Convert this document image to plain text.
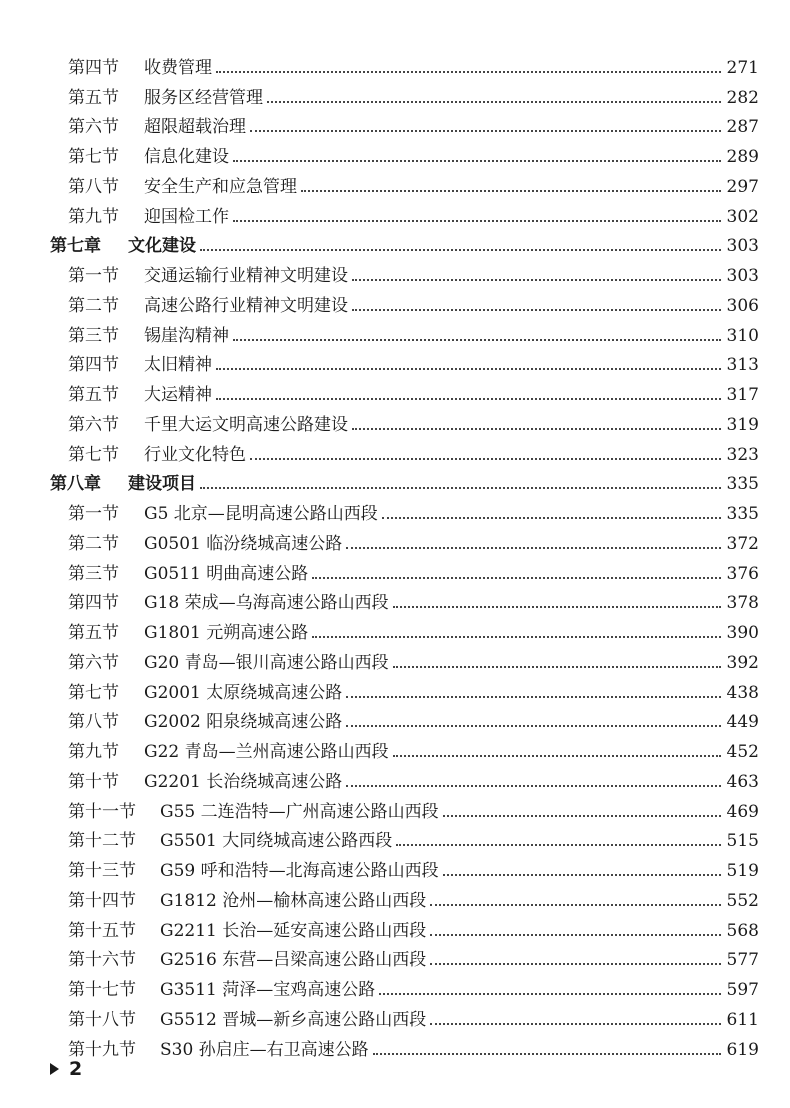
第四节	收费管理	271
第五节	服务区经营管理	282
第六节	超限超载治理	287
第七节	信息化建设	289
第八节	安全生产和应急管理	297
第九节	迎国检工作	302
第七章	文化建设	303
第一节	交通运输行业精神文明建设	303
第二节	高速公路行业精神文明建设	306
第三节	锡崖沟精神	310
第四节	太旧精神	313
第五节	大运精神	317
第六节	千里大运文明高速公路建设	319
第七节	行业文化特色	323
第八章	建设项目	335
第一节	G5 北京—昆明高速公路山西段	335
第二节	G0501 临汾绕城高速公路	372
第三节	G0511 明曲高速公路	376
第四节	G18 荣成—乌海高速公路山西段	378
第五节	G1801 元朔高速公路	390
第六节	G20 青岛—银川高速公路山西段	392
第七节	G2001 太原绕城高速公路	438
第八节	G2002 阳泉绕城高速公路	449
第九节	G22 青岛—兰州高速公路山西段	452
第十节	G2201 长治绕城高速公路	463
第十一节	G55 二连浩特—广州高速公路山西段	469
第十二节	G5501 大同绕城高速公路西段	515
第十三节	G59 呼和浩特—北海高速公路山西段	519
第十四节	G1812 沧州—榆林高速公路山西段	552
第十五节	G2211 长治—延安高速公路山西段	568
第十六节	G2516 东营—吕梁高速公路山西段	577
第十七节	G3511 菏泽—宝鸡高速公路	597
第十八节	G5512 晋城—新乡高速公路山西段	611
第十九节	S30 孙启庄—右卫高速公路	619
2
